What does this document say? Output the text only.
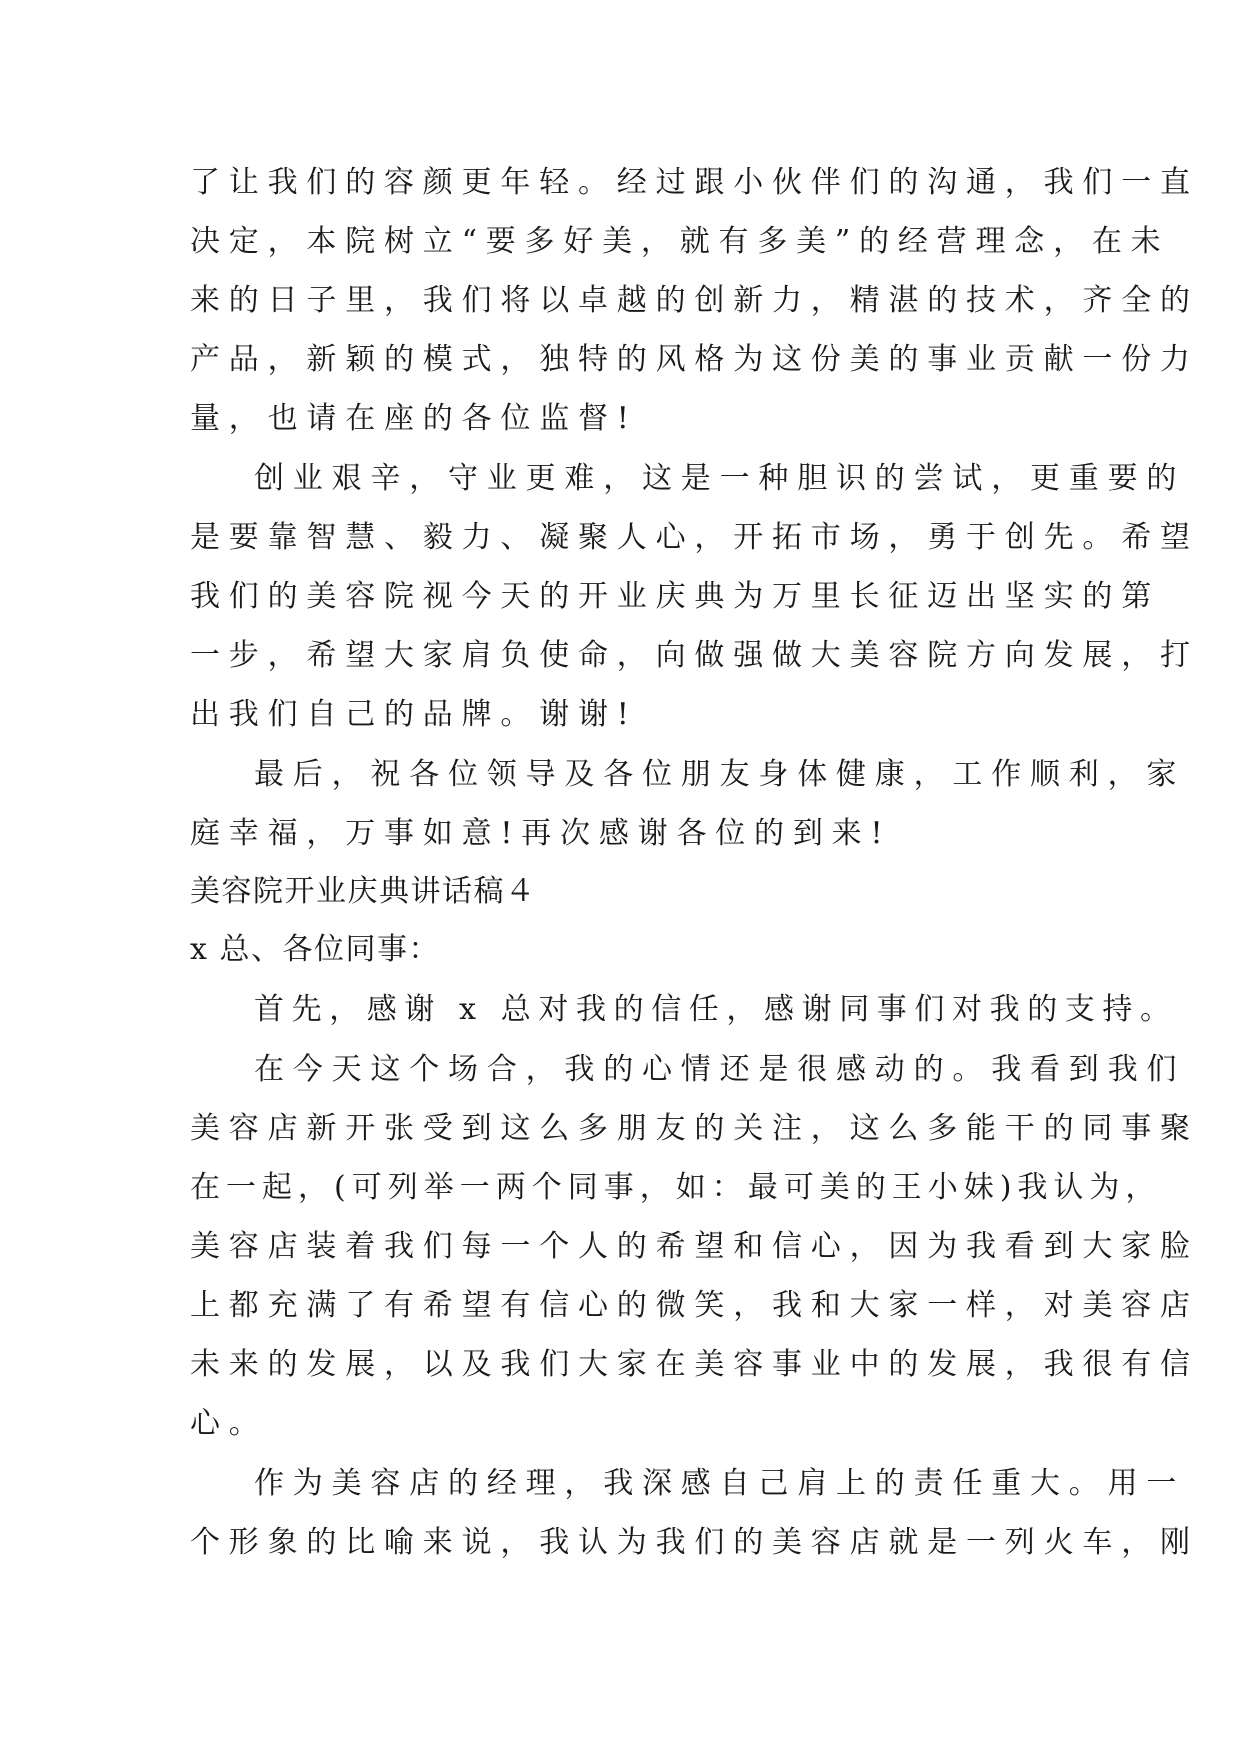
了让我们的容颜更年轻。经过跟小伙伴们的沟通，我们一直
决定，本院树立“要多好美，就有多美”的经营理念，在未
来的日子里，我们将以卓越的创新力，精湛的技术，齐全的
产品，新颖的模式，独特的风格为这份美的事业贡献一份力
量，也请在座的各位监督!
创业艰辛，守业更难，这是一种胆识的尝试，更重要的
是要靠智慧、毅力、凝聚人心，开拓市场，勇于创先。希望
我们的美容院视今天的开业庆典为万里长征迈出坚实的第
一步，希望大家肩负使命，向做强做大美容院方向发展，打
出我们自己的品牌。谢谢!
最后，祝各位领导及各位朋友身体健康，工作顺利，家
庭幸福，万事如意!再次感谢各位的到来!
美容院开业庆典讲话稿４
x 总、各位同事：
首先，感谢 x 总对我的信任，感谢同事们对我的支持。
在今天这个场合，我的心情还是很感动的。我看到我们
美容店新开张受到这么多朋友的关注，这么多能干的同事聚
在一起，(可列举一两个同事，如：最可美的王小妹)我认为，
美容店装着我们每一个人的希望和信心，因为我看到大家脸
上都充满了有希望有信心的微笑，我和大家一样，对美容店
未来的发展，以及我们大家在美容事业中的发展，我很有信
心。
作为美容店的经理，我深感自己肩上的责任重大。用一
个形象的比喻来说，我认为我们的美容店就是一列火车，刚
